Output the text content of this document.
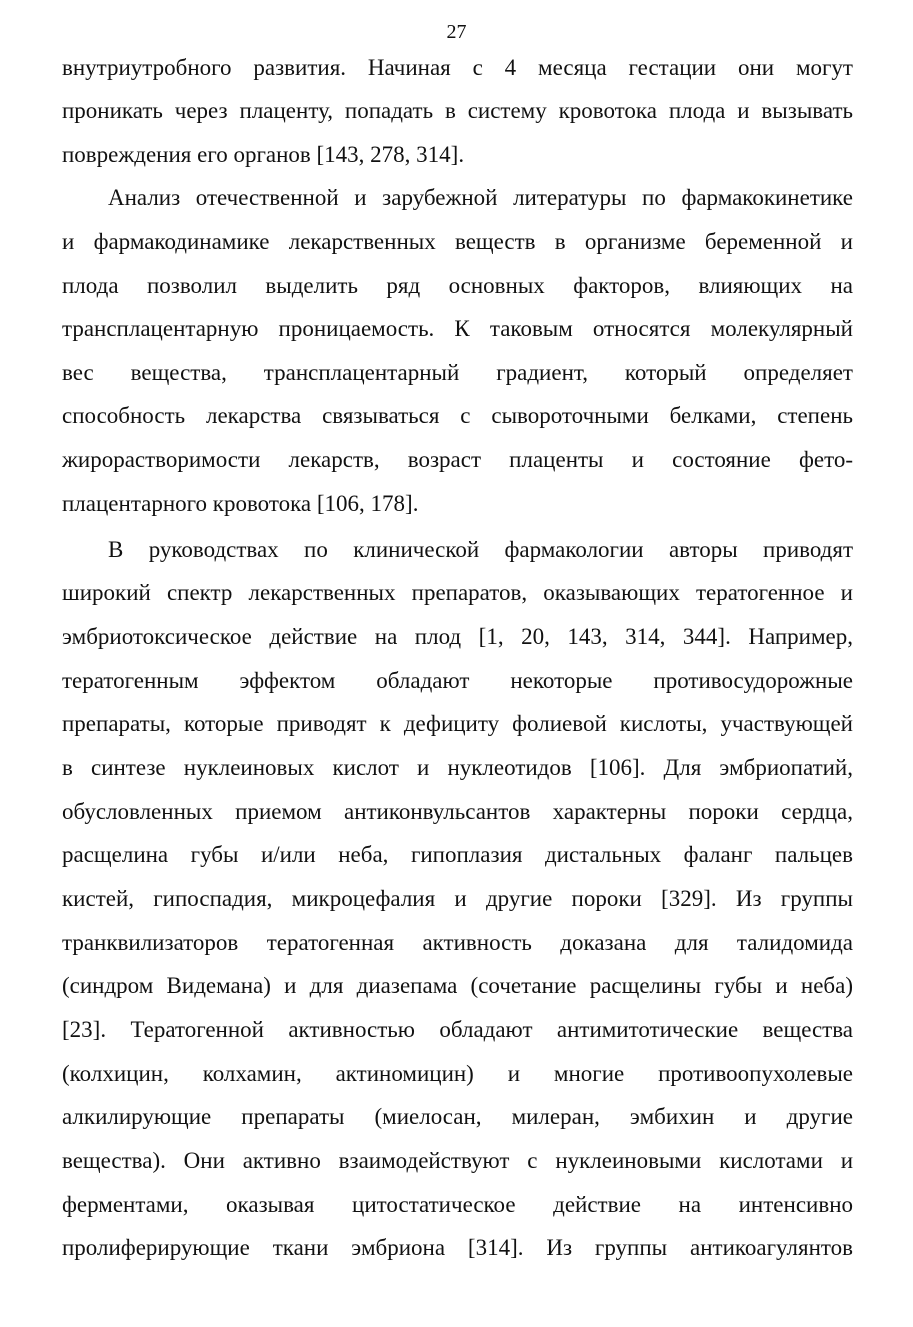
27
внутриутробного развития. Начиная с 4 месяца гестации они могут
проникать через плаценту, попадать в систему кровотока плода и вызывать
повреждения его органов [143, 278, 314].
Анализ отечественной и зарубежной литературы по фармакокинетике
и фармакодинамике лекарственных веществ в организме беременной и
плода позволил выделить ряд основных факторов, влияющих на
трансплацентарную проницаемость. К таковым относятся молекулярный
вес вещества, трансплацентарный градиент, который определяет
способность лекарства связываться с сывороточными белками, степень
жирорастворимости лекарств, возраст плаценты и состояние фето-
плацентарного кровотока [106, 178].
В руководствах по клинической фармакологии авторы приводят
широкий спектр лекарственных препаратов, оказывающих тератогенное и
эмбриотоксическое действие на плод [1, 20, 143, 314, 344]. Например,
тератогенным эффектом обладают некоторые противосудорожные
препараты, которые приводят к дефициту фолиевой кислоты, участвующей
в синтезе нуклеиновых кислот и нуклеотидов [106]. Для эмбриопатий,
обусловленных приемом антиконвульсантов характерны пороки сердца,
расщелина губы и/или неба, гипоплазия дистальных фаланг пальцев
кистей, гипоспадия, микроцефалия и другие пороки [329]. Из группы
транквилизаторов тератогенная активность доказана для талидомида
(синдром Видемана) и для диазепама (сочетание расщелины губы и неба)
[23]. Тератогенной активностью обладают антимитотические вещества
(колхицин, колхамин, актиномицин) и многие противоопухолевые
алкилирующие препараты (миелосан, милеран, эмбихин и другие
вещества). Они активно взаимодействуют с нуклеиновыми кислотами и
ферментами, оказывая цитостатическое действие на интенсивно
пролиферирующие ткани эмбриона [314]. Из группы антикоагулянтов
